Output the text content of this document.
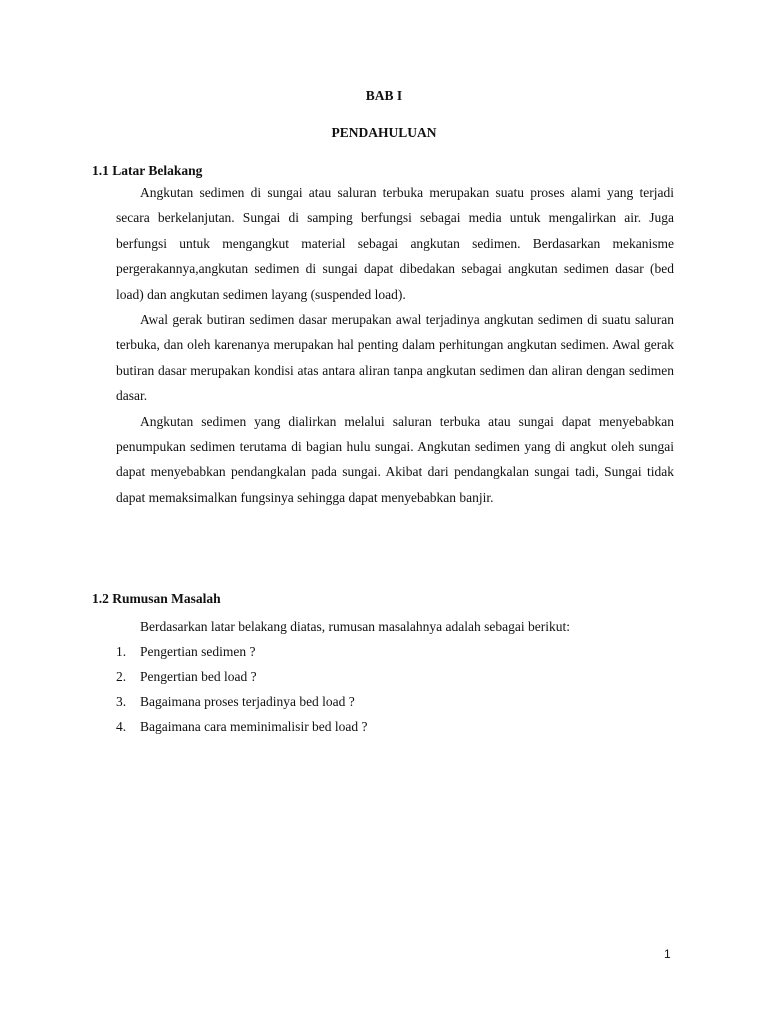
BAB I
PENDAHULUAN

1.1 Latar Belakang

Angkutan sedimen di sungai atau saluran terbuka merupakan suatu proses alami yang terjadi secara berkelanjutan. Sungai di samping berfungsi sebagai media untuk mengalirkan air. Juga berfungsi untuk mengangkut material sebagai angkutan sedimen. Berdasarkan mekanisme pergerakannya,angkutan sedimen di sungai dapat dibedakan sebagai angkutan sedimen dasar (bed load) dan angkutan sedimen layang (suspended load).

Awal gerak butiran sedimen dasar merupakan awal terjadinya angkutan sedimen di suatu saluran terbuka, dan oleh karenanya merupakan hal penting dalam perhitungan angkutan sedimen. Awal gerak butiran dasar merupakan kondisi atas antara aliran tanpa angkutan sedimen dan aliran dengan sedimen dasar.

Angkutan sedimen yang dialirkan melalui saluran terbuka atau sungai dapat menyebabkan penumpukan sedimen terutama di bagian hulu sungai. Angkutan sedimen yang di angkut oleh sungai dapat menyebabkan pendangkalan pada sungai. Akibat dari pendangkalan sungai tadi, Sungai tidak dapat memaksimalkan fungsinya sehingga dapat menyebabkan banjir.

1.2 Rumusan Masalah

Berdasarkan latar belakang diatas, rumusan masalahnya adalah sebagai berikut:

1.	Pengertian sedimen ?
2.	Pengertian bed load ?
3.	Bagaimana proses terjadinya bed load ?
4.	Bagaimana cara meminimalisir bed load ?
1
